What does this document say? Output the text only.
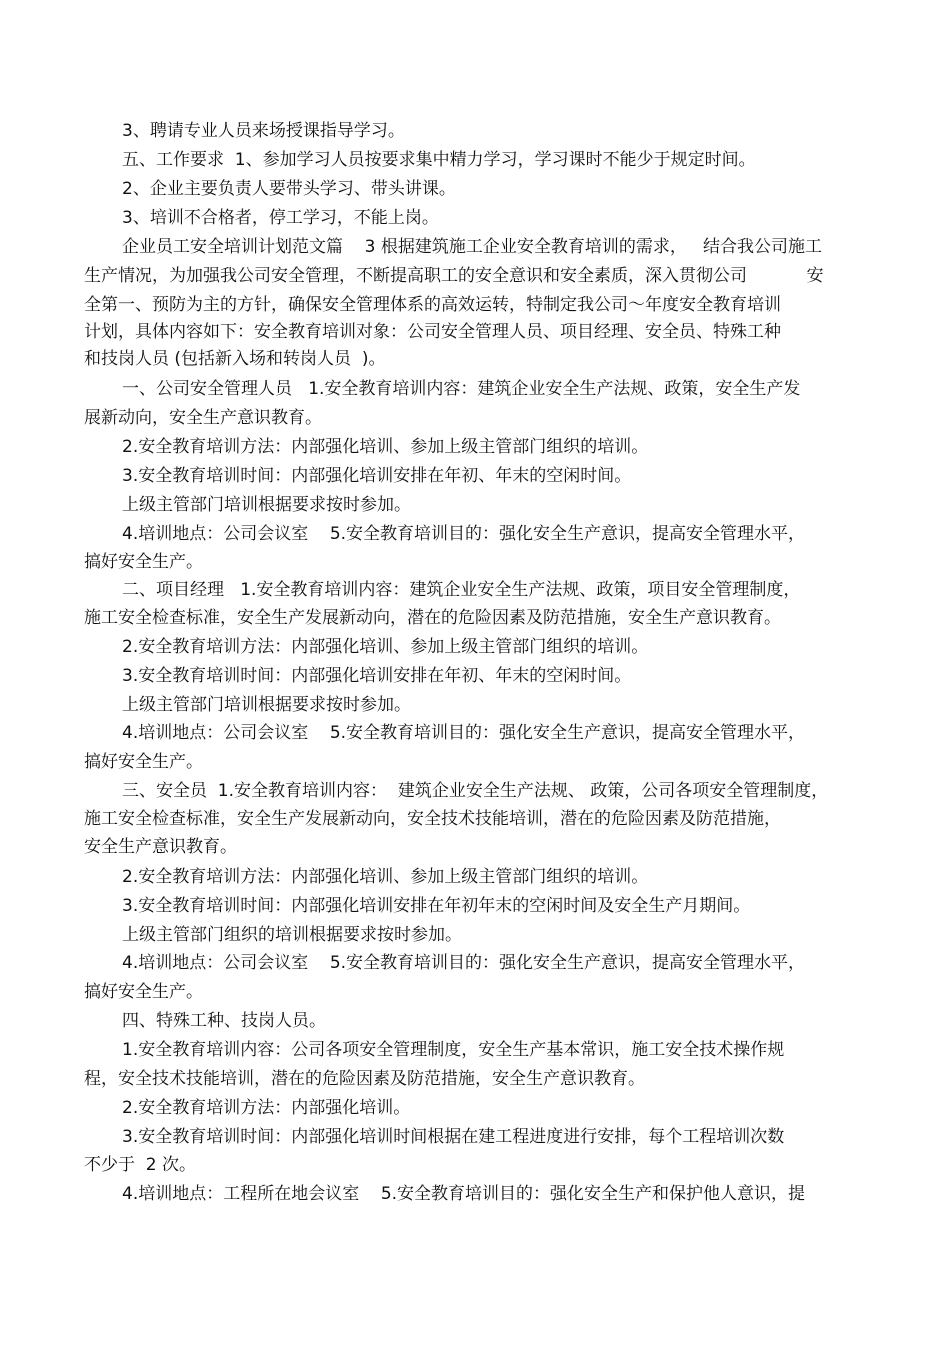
3、聘请专业人员来场授课指导学习。
五、工作要求  1、参加学习人员按要求集中精力学习，学习课时不能少于规定时间。
2、企业主要负责人要带头学习、带头讲课。
3、培训不合格者，停工学习，不能上岗。
企业员工安全培训计划范文篇    3 根据建筑施工企业安全教育培训的需求，   结合我公司施工
生产情况，为加强我公司安全管理，不断提高职工的安全意识和安全素质，深入贯彻公司           安
全第一、预防为主的方针，确保安全管理体系的高效运转，特制定我公司～年度安全教育培训
计划，具体内容如下：安全教育培训对象：公司安全管理人员、项目经理、安全员、特殊工种
和技岗人员 (包括新入场和转岗人员  )。
一、公司安全管理人员   1.安全教育培训内容：建筑企业安全生产法规、政策，安全生产发
展新动向，安全生产意识教育。
2.安全教育培训方法：内部强化培训、参加上级主管部门组织的培训。
3.安全教育培训时间：内部强化培训安排在年初、年末的空闲时间。
上级主管部门培训根据要求按时参加。
4.培训地点：公司会议室    5.安全教育培训目的：强化安全生产意识，提高安全管理水平，
搞好安全生产。
二、项目经理   1.安全教育培训内容：建筑企业安全生产法规、政策，项目安全管理制度，
施工安全检查标准，安全生产发展新动向，潜在的危险因素及防范措施，安全生产意识教育。
2.安全教育培训方法：内部强化培训、参加上级主管部门组织的培训。
3.安全教育培训时间：内部强化培训安排在年初、年末的空闲时间。
上级主管部门培训根据要求按时参加。
4.培训地点：公司会议室    5.安全教育培训目的：强化安全生产意识，提高安全管理水平，
搞好安全生产。
三、安全员  1.安全教育培训内容：  建筑企业安全生产法规、 政策，公司各项安全管理制度，
施工安全检查标准，安全生产发展新动向，安全技术技能培训，潜在的危险因素及防范措施，
安全生产意识教育。
2.安全教育培训方法：内部强化培训、参加上级主管部门组织的培训。
3.安全教育培训时间：内部强化培训安排在年初年末的空闲时间及安全生产月期间。
上级主管部门组织的培训根据要求按时参加。
4.培训地点：公司会议室    5.安全教育培训目的：强化安全生产意识，提高安全管理水平，
搞好安全生产。
四、特殊工种、技岗人员。
1.安全教育培训内容：公司各项安全管理制度，安全生产基本常识，施工安全技术操作规
程，安全技术技能培训，潜在的危险因素及防范措施，安全生产意识教育。
2.安全教育培训方法：内部强化培训。
3.安全教育培训时间：内部强化培训时间根据在建工程进度进行安排，每个工程培训次数
不少于  2 次。
4.培训地点：工程所在地会议室    5.安全教育培训目的：强化安全生产和保护他人意识，提
